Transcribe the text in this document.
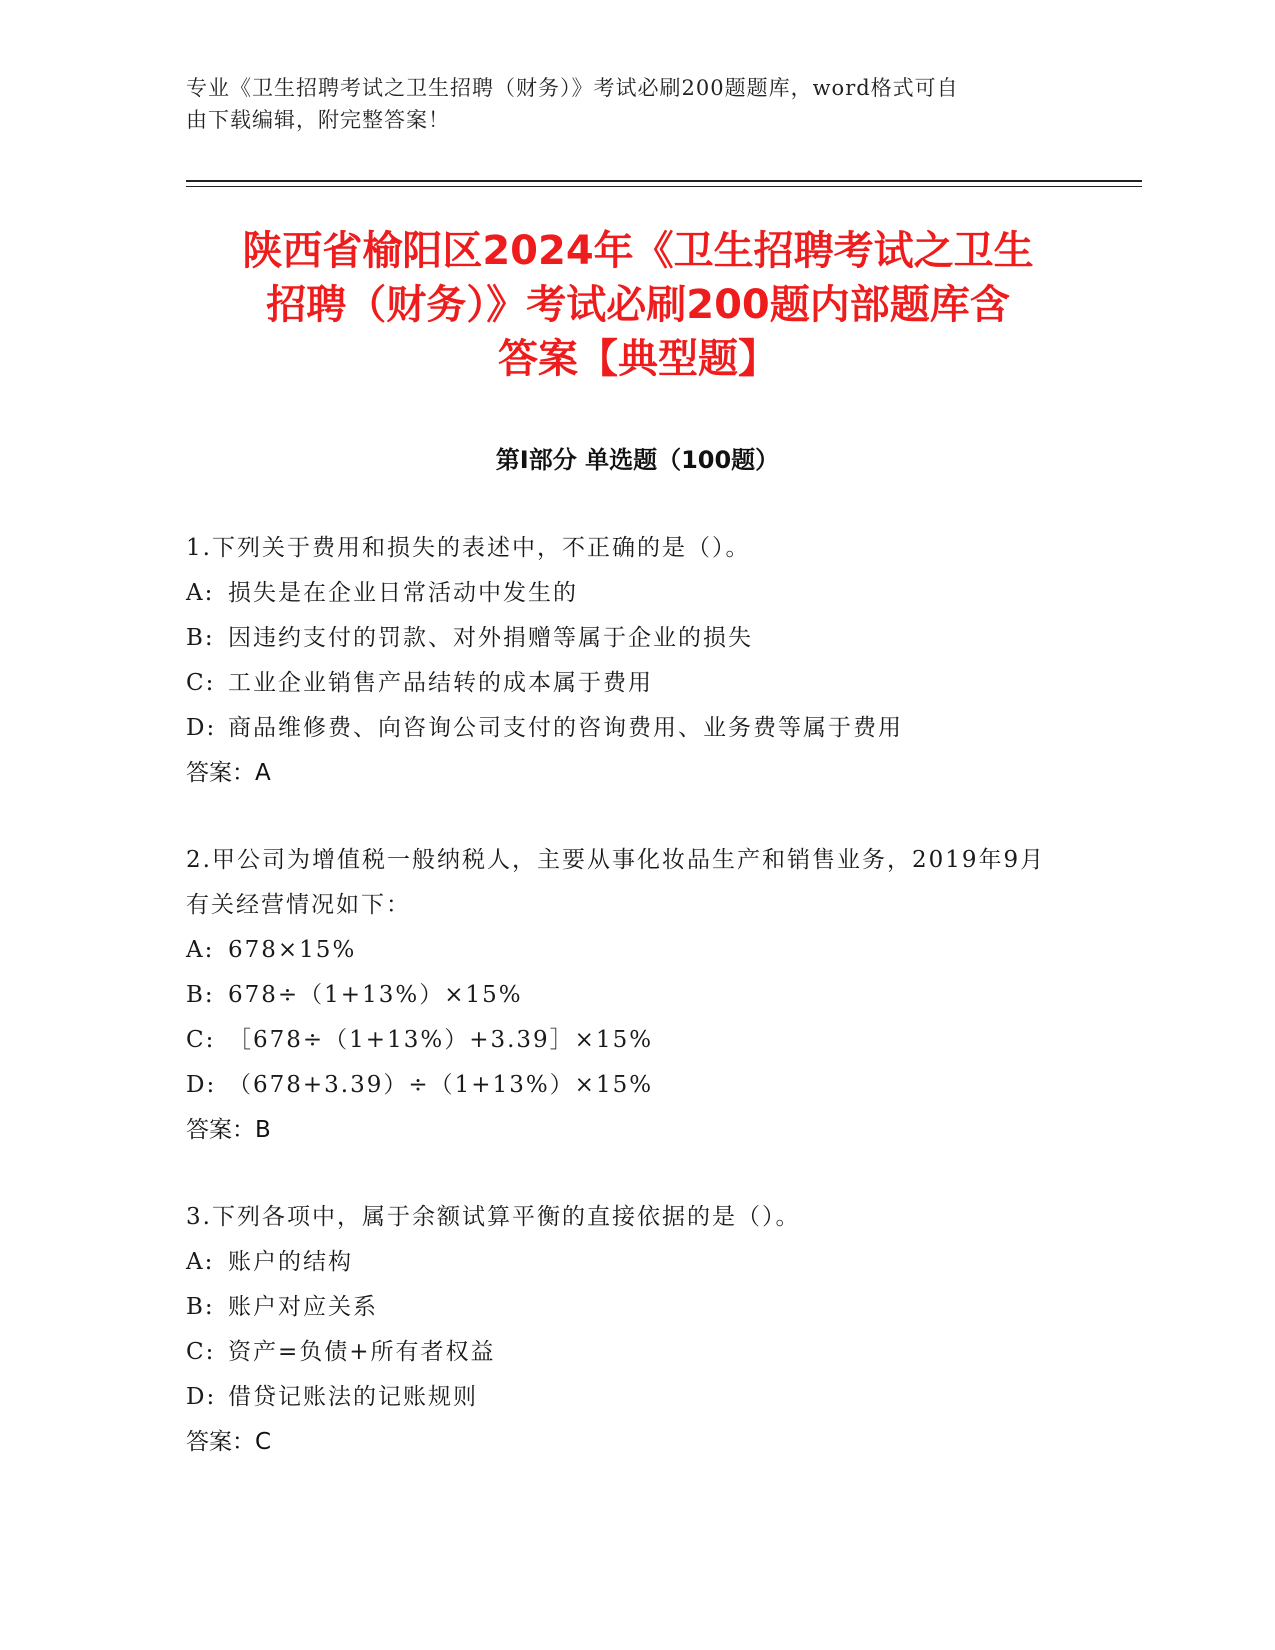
专业《卫生招聘考试之卫生招聘（财务）》考试必刷200题题库，word格式可自
由下载编辑，附完整答案！
陕西省榆阳区2024年《卫生招聘考试之卫生
招聘（财务）》考试必刷200题内部题库含
答案【典型题】
第Ⅰ部分 单选题（100题）
1.下列关于费用和损失的表述中，不正确的是（）。
A: 损失是在企业日常活动中发生的
B: 因违约支付的罚款、对外捐赠等属于企业的损失
C: 工业企业销售产品结转的成本属于费用
D: 商品维修费、向咨询公司支付的咨询费用、业务费等属于费用
答案：A
2.甲公司为增值税一般纳税人，主要从事化妆品生产和销售业务，2019年9月有关经营情况如下：
A: 678×15%
B: 678÷（1+13%）×15%
C: ［678÷（1+13%）+3.39］×15%
D: （678+3.39）÷（1+13%）×15%
答案：B
3.下列各项中，属于余额试算平衡的直接依据的是（）。
A: 账户的结构
B: 账户对应关系
C: 资产=负债+所有者权益
D: 借贷记账法的记账规则
答案：C
